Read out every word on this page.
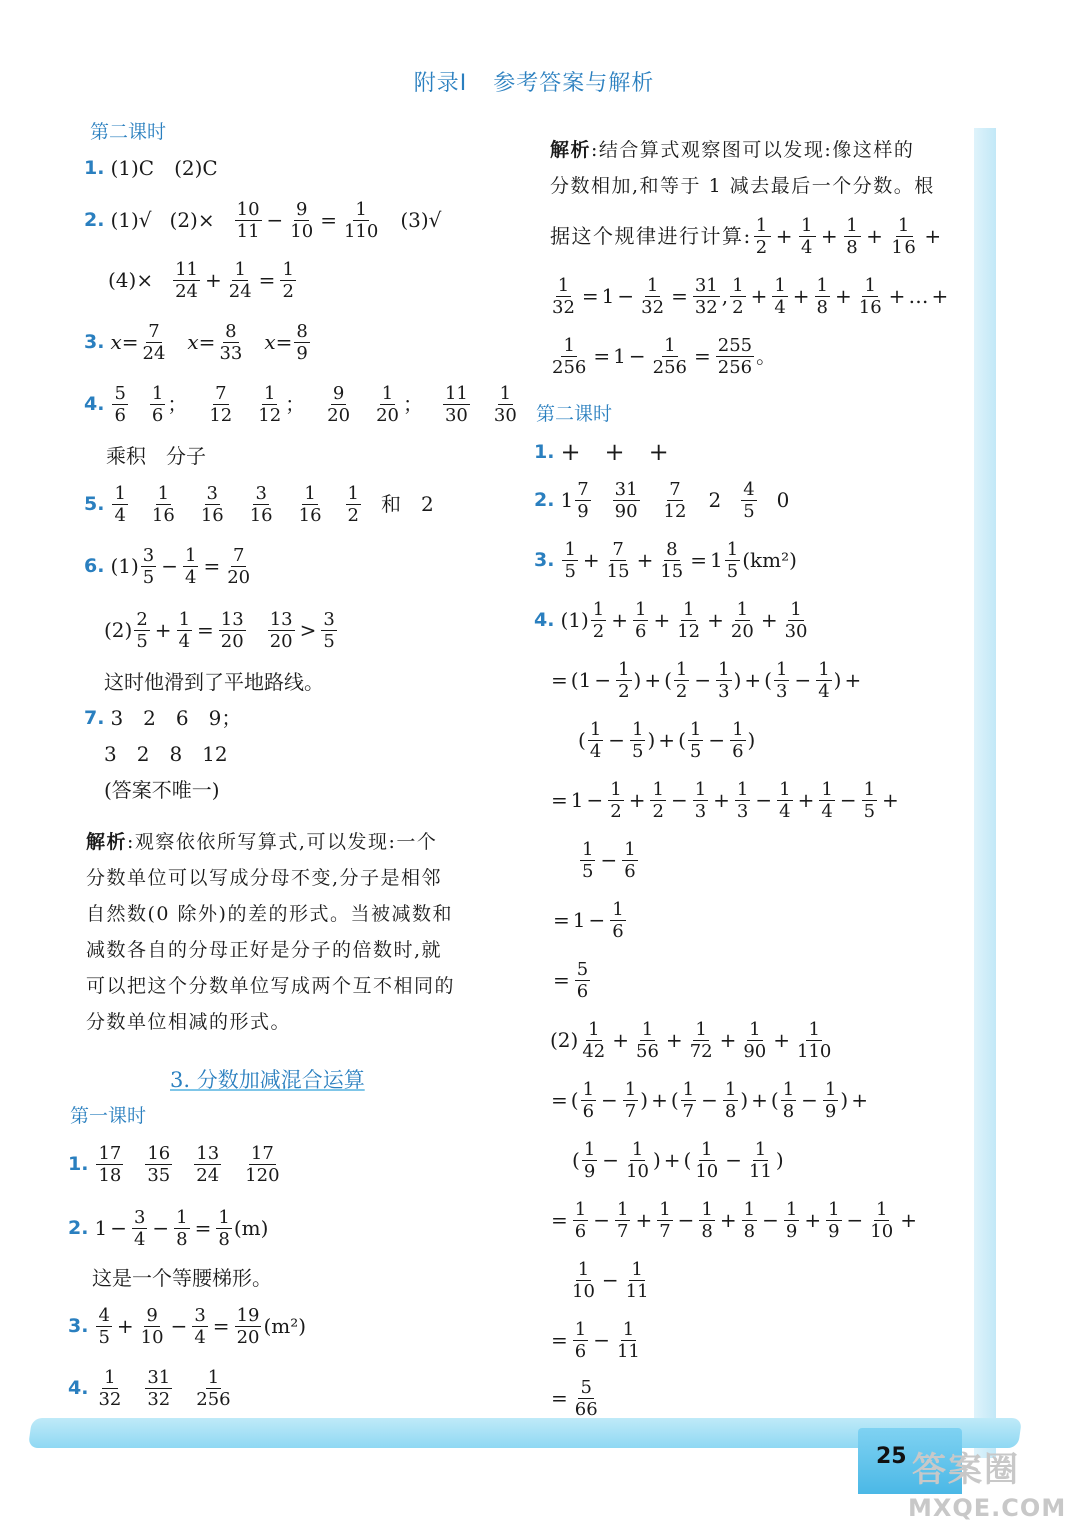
附录Ⅰ 参考答案与解析
25 答案圈
MXQE.COM
第二课时
1. (1)C　(2)C
2. (1)√ (2)× 10
$11 - \frac{9}{10} = \frac{1}{110} (3)√$
(4)× 11
$24 + \frac{1}{24} = \frac{1}{2}$
3. $x= \frac{7}{24} x= \frac{8}{33} x= \frac{8}{9}$
4. 5
6
1
6 ； 7
12
1
12 ； 9
20
1
20 ； 11
30
1
30
乘积　分子
5. 1
4
1
16
3
16
3
16
1
16
1
2 和　2
6. (1) 3
$5 - \frac{1}{4} = \frac{7}{20}$
(2) 2
$5 + \frac{1}{4} = \frac{13}{20} 13$
20 > 3
5
这时他滑到了平地路线。
7. 3　2　6　9；
3　2　8　12
(答案不唯一)
解析:观察依依所写算式,可以发现:一个
分数单位可以写成分母不变,分子是相邻
自然数(0 除外)的差的形式。当被减数和
减数各自的分母正好是分子的倍数时,就
可以把这个分数单位写成两个互不相同的
分数单位相减的形式。
3. 分数加减混合运算
第一课时
1. 17
18
16
35
13
24
17
120
2. $1 - \frac{3}{4} - \frac{1}{8} = \frac{1}{8} (m)$
这是一个等腰梯形。
3. 4
$5 + \frac{9}{10} - \frac{3}{4} = \frac{19}{20} (m^2)$
4. 1
32
31
32
1
256
解析:结合算式观察图可以发现:像这样的
分数相加,和等于 1 减去最后一个分数。根
据这个规律进行计算: 1
$2 + \frac{1}{4} + \frac{1}{8} + \frac{1}{16}$ +
$\frac{1}{32} = 1 - \frac{1}{32} = \frac{31}{32}$ , 1
$2 + \frac{1}{4} + \frac{1}{8} + \frac{1}{16}$ + … +
$\frac{1}{256} = 1 - \frac{1}{256} = \frac{255}{256}$ 。
第二课时
1. +　+　+
2. 1 7
9
31
90
7
12 2 4
5 0
3. 1
$5 + \frac{7}{15} + \frac{8}{15} = 1$ 1
5 (km²)
4. (1) 1
$2 + \frac{1}{6} + \frac{1}{12} + \frac{1}{20} + \frac{1}{30}$
= ( $1 - \frac{1}{2}$ ) + ( 1
$2 - \frac{1}{3}$ ) + ( 1
$3 - \frac{1}{4}$ ) +
( 1
$4 - \frac{1}{5}$ ) + ( 1
$5 - \frac{1}{6}$ )
= $1 - \frac{1}{2} + \frac{1}{2} - \frac{1}{3} + \frac{1}{3} - \frac{1}{4} + \frac{1}{4} - \frac{1}{5}$ +
1
$5 - \frac{1}{6}$
= $1 - \frac{1}{6}$
= $\frac{5}{6}$
(2) 1
$42 + \frac{1}{56} + \frac{1}{72} + \frac{1}{90} + \frac{1}{110}$
= ( 1
$6 - \frac{1}{7}$ ) + ( 1
$7 - \frac{1}{8}$ ) + ( 1
$8 - \frac{1}{9}$ ) +
( 1
$9 - \frac{1}{10}$ ) + ( 1
$10 - \frac{1}{11}$ )
= $\frac{1}{6} - \frac{1}{7} + \frac{1}{7} - \frac{1}{8} + \frac{1}{8} - \frac{1}{9} + \frac{1}{9} - \frac{1}{10}$ +
1
$10 - \frac{1}{11}$
= $\frac{1}{6} - \frac{1}{11}$
= $\frac{5}{66}$
